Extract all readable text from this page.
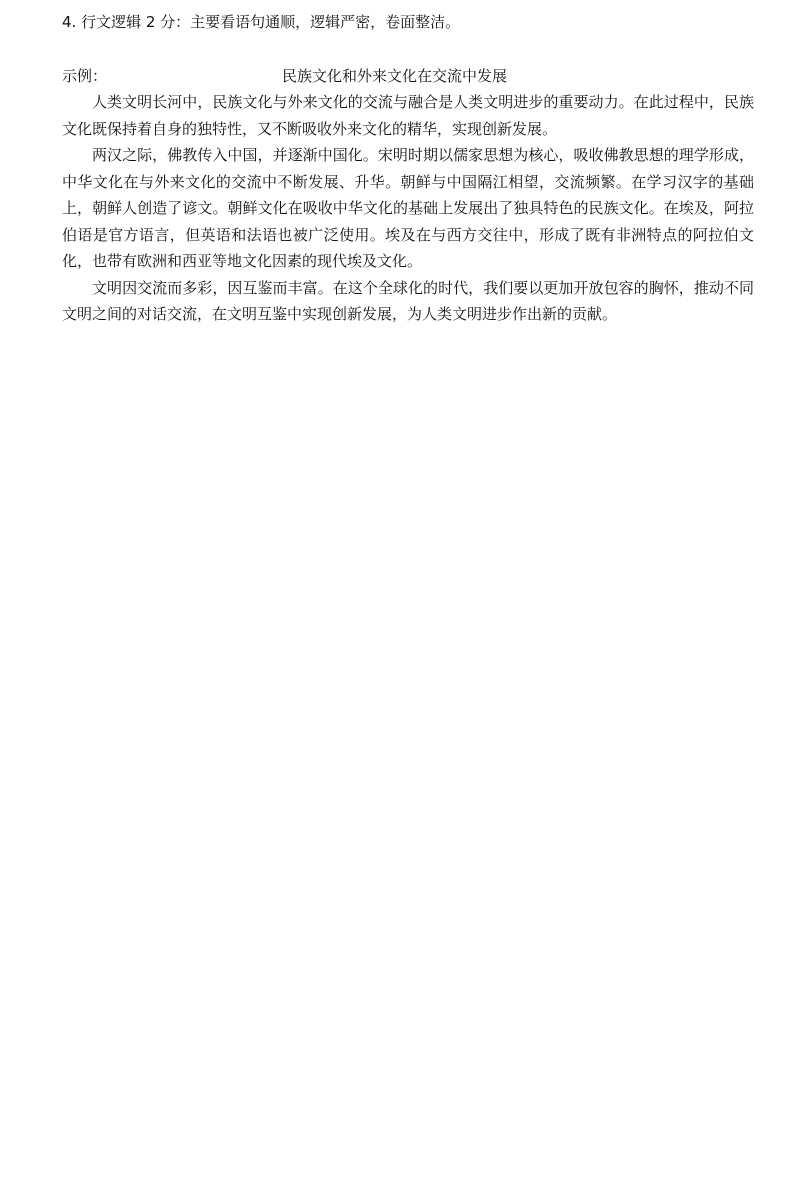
4. 行文逻辑 2 分：主要看语句通顺，逻辑严密，卷面整洁。
示例：	民族文化和外来文化在交流中发展

人类文明长河中，民族文化与外来文化的交流与融合是人类文明进步的重要动力。在此过程中，民族文化既保持着自身的独特性，又不断吸收外来文化的精华，实现创新发展。

两汉之际，佛教传入中国，并逐渐中国化。宋明时期以儒家思想为核心，吸收佛教思想的理学形成，中华文化在与外来文化的交流中不断发展、升华。朝鲜与中国隔江相望，交流频繁。在学习汉字的基础上，朝鲜人创造了谚文。朝鲜文化在吸收中华文化的基础上发展出了独具特色的民族文化。在埃及，阿拉伯语是官方语言，但英语和法语也被广泛使用。埃及在与西方交往中，形成了既有非洲特点的阿拉伯文化，也带有欧洲和西亚等地文化因素的现代埃及文化。

文明因交流而多彩，因互鉴而丰富。在这个全球化的时代，我们要以更加开放包容的胸怀，推动不同文明之间的对话交流，在文明互鉴中实现创新发展，为人类文明进步作出新的贡献。
